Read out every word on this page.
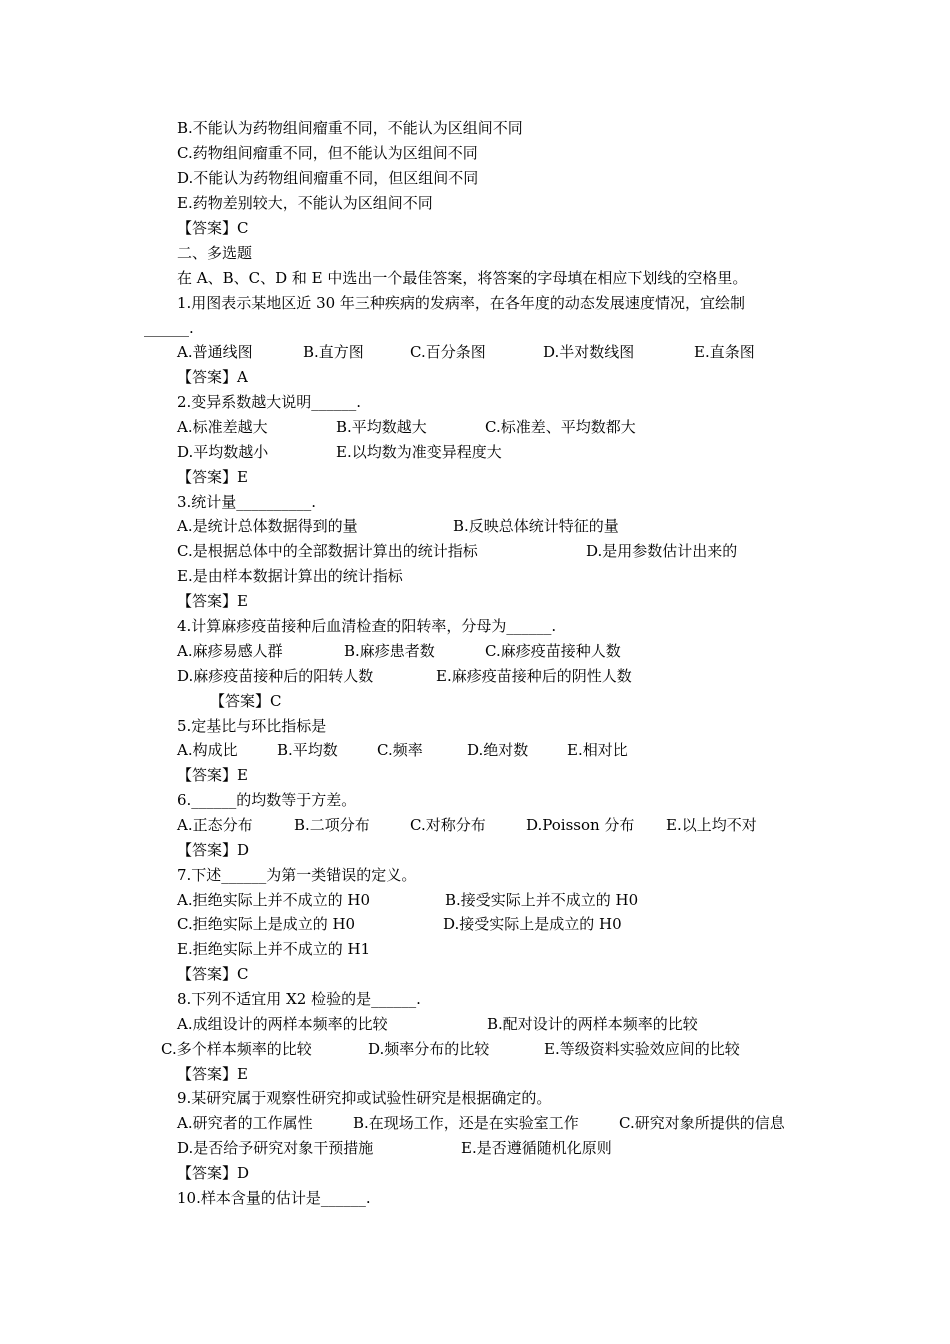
B.不能认为药物组间瘤重不同，不能认为区组间不同
C.药物组间瘤重不同，但不能认为区组间不同
D.不能认为药物组间瘤重不同，但区组间不同
E.药物差别较大，不能认为区组间不同
【答案】C
二、多选题
在 A、B、C、D 和 E 中选出一个最佳答案，将答案的字母填在相应下划线的空格里。
1.用图表示某地区近 30 年三种疾病的发病率，在各年度的动态发展速度情况，宜绘制
______.
A.普通线图	B.直方图	C.百分条图	D.半对数线图	E.直条图
【答案】A
2.变异系数越大说明______.
A.标准差越大	B.平均数越大	C.标准差、平均数都大
D.平均数越小	E.以均数为准变异程度大
【答案】E
3.统计量__________.
A.是统计总体数据得到的量	B.反映总体统计特征的量
C.是根据总体中的全部数据计算出的统计指标	D.是用参数估计出来的
E.是由样本数据计算出的统计指标
【答案】E
4.计算麻疹疫苗接种后血清检查的阳转率，分母为______.
A.麻疹易感人群	B.麻疹患者数	C.麻疹疫苗接种人数
D.麻疹疫苗接种后的阳转人数	E.麻疹疫苗接种后的阴性人数
【答案】C
5.定基比与环比指标是
A.构成比	B.平均数	C.频率	D.绝对数	E.相对比
【答案】E
6.______的均数等于方差。
A.正态分布	B.二项分布	C.对称分布	D.Poisson 分布 E.以上均不对
【答案】D
7.下述______为第一类错误的定义。
A.拒绝实际上并不成立的 H0	B.接受实际上并不成立的 H0
C.拒绝实际上是成立的 H0	D.接受实际上是成立的 H0
E.拒绝实际上并不成立的 H1
【答案】C
8.下列不适宜用 X2 检验的是______.
A.成组设计的两样本频率的比较	B.配对设计的两样本频率的比较
C.多个样本频率的比较	D.频率分布的比较	E.等级资料实验效应间的比较
【答案】E
9.某研究属于观察性研究抑或试验性研究是根据确定的。
A.研究者的工作属性	B.在现场工作，还是在实验室工作	C.研究对象所提供的信息
D.是否给予研究对象干预措施	E.是否遵循随机化原则
【答案】D
10.样本含量的估计是______.
